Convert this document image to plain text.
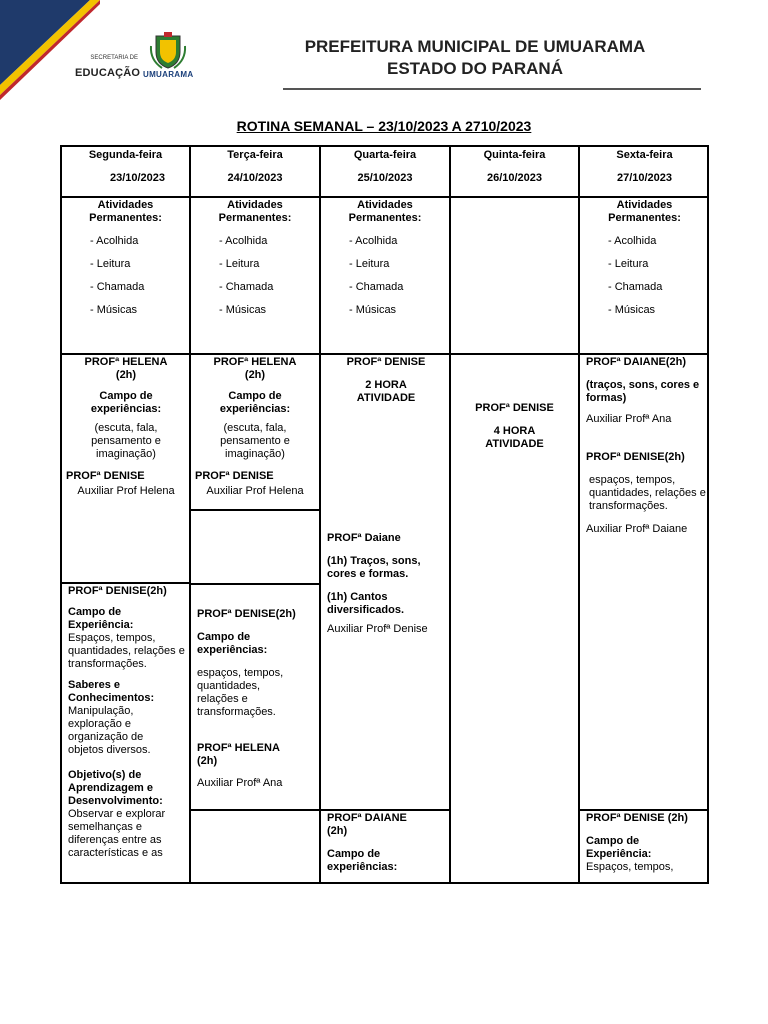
SECRETARIA DE
EDUCAÇÃO UMUARAMA
PREFEITURA MUNICIPAL DE UMUARAMA
ESTADO DO PARANÁ
ROTINA SEMANAL – 23/10/2023 A 2710/2023
Segunda-feira
23/10/2023
Terça-feira
24/10/2023
Quarta-feira
25/10/2023
Quinta-feira
26/10/2023
Sexta-feira
27/10/2023
Atividades
Permanentes:
- Acolhida
- Leitura
- Chamada
- Músicas
Atividades
Permanentes:
- Acolhida
- Leitura
- Chamada
- Músicas
Atividades
Permanentes:
- Acolhida
- Leitura
- Chamada
- Músicas
Atividades
Permanentes:
- Acolhida
- Leitura
- Chamada
- Músicas
PROFª HELENA (2h)
Campo de experiências:
(escuta, fala, pensamento e imaginação)
PROFª DENISE
Auxiliar Prof Helena
PROFª DENISE(2h)
Campo de Experiência:
Espaços, tempos, quantidades, relações e transformações.
Saberes e Conhecimentos:
Manipulação, exploração e organização de objetos diversos.
Objetivo(s) de Aprendizagem e Desenvolvimento:
Observar e explorar semelhanças e diferenças entre as características e as
PROFª HELENA (2h)
Campo de experiências:
(escuta, fala, pensamento e imaginação)
PROFª DENISE
Auxiliar Prof Helena
PROFª DENISE(2h)
Campo de experiências:
espaços, tempos, quantidades, relações e transformações.
PROFª HELENA (2h)
Auxiliar Profª Ana
PROFª DENISE
2 HORA ATIVIDADE
PROFª Daiane
(1h) Traços, sons, cores e formas.
(1h) Cantos diversificados.
Auxiliar Profª Denise
PROFª DAIANE (2h)
Campo de experiências:
PROFª DENISE
4 HORA ATIVIDADE
PROFª DAIANE(2h)
(traços, sons, cores e formas)
Auxiliar Profª Ana
PROFª DENISE(2h)
espaços, tempos, quantidades, relações e transformações.
Auxiliar Profª Daiane
PROFª DENISE (2h)
Campo de Experiência:
Espaços, tempos,
